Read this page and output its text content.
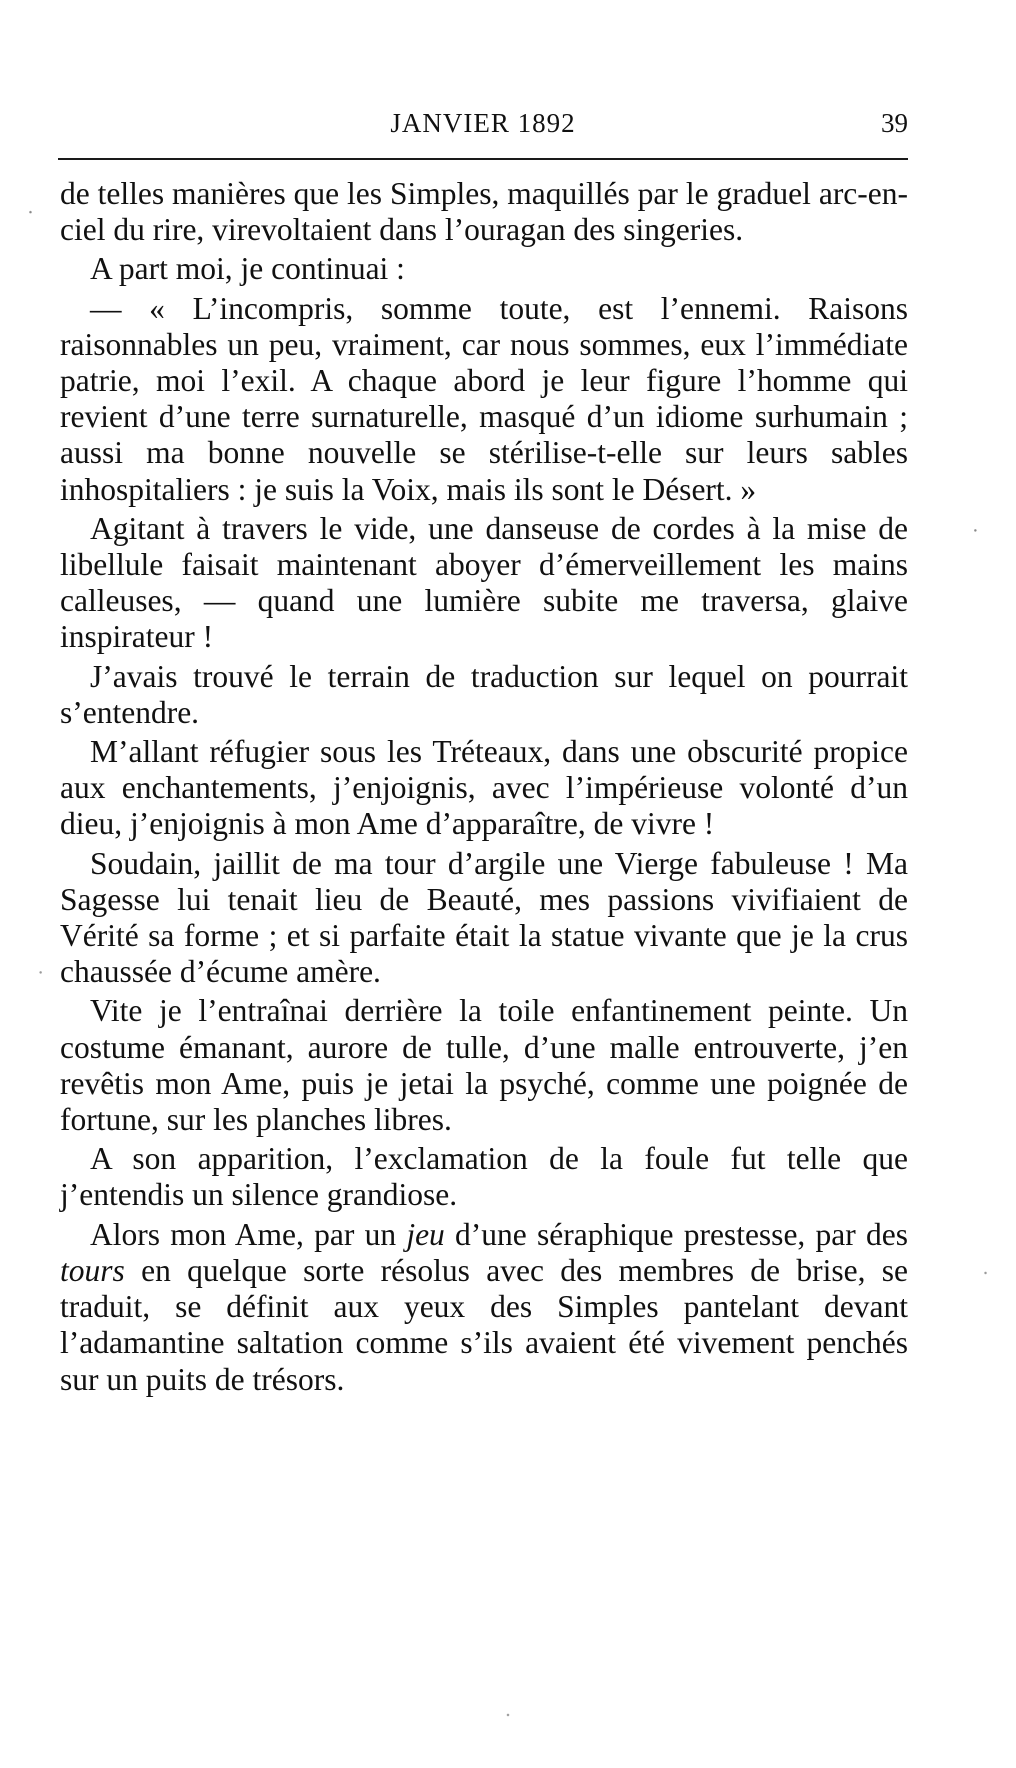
JANVIER 1892	39

de telles manières que les Simples, maquillés par le graduel arc-en-ciel du rire, virevoltaient dans l’ouragan des singeries.

A part moi, je continuai :

— « L’incompris, somme toute, est l’ennemi. Raisons raisonnables un peu, vraiment, car nous sommes, eux l’immédiate patrie, moi l’exil. A chaque abord je leur figure l’homme qui revient d’une terre surnaturelle, masqué d’un idiome surhumain ; aussi ma bonne nouvelle se stérilise-t-elle sur leurs sables inhospitaliers : je suis la Voix, mais ils sont le Désert. »

Agitant à travers le vide, une danseuse de cordes à la mise de libellule faisait maintenant aboyer d’émerveillement les mains calleuses, — quand une lumière subite me traversa, glaive inspirateur !

J’avais trouvé le terrain de traduction sur lequel on pourrait s’entendre.

M’allant réfugier sous les Tréteaux, dans une obscurité propice aux enchantements, j’enjoignis, avec l’impérieuse volonté d’un dieu, j’enjoignis à mon Ame d’apparaître, de vivre !

Soudain, jaillit de ma tour d’argile une Vierge fabuleuse ! Ma Sagesse lui tenait lieu de Beauté, mes passions vivifiaient de Vérité sa forme ; et si parfaite était la statue vivante que je la crus chaussée d’écume amère.

Vite je l’entraînai derrière la toile enfantinement peinte. Un costume émanant, aurore de tulle, d’une malle entrouverte, j’en revêtis mon Ame, puis je jetai la psyché, comme une poignée de fortune, sur les planches libres.

A son apparition, l’exclamation de la foule fut telle que j’entendis un silence grandiose.

Alors mon Ame, par un jeu d’une séraphique prestesse, par des tours en quelque sorte résolus avec des membres de brise, se traduit, se définit aux yeux des Simples pantelant devant l’adamantine saltation comme s’ils avaient été vivement penchés sur un puits de trésors.
